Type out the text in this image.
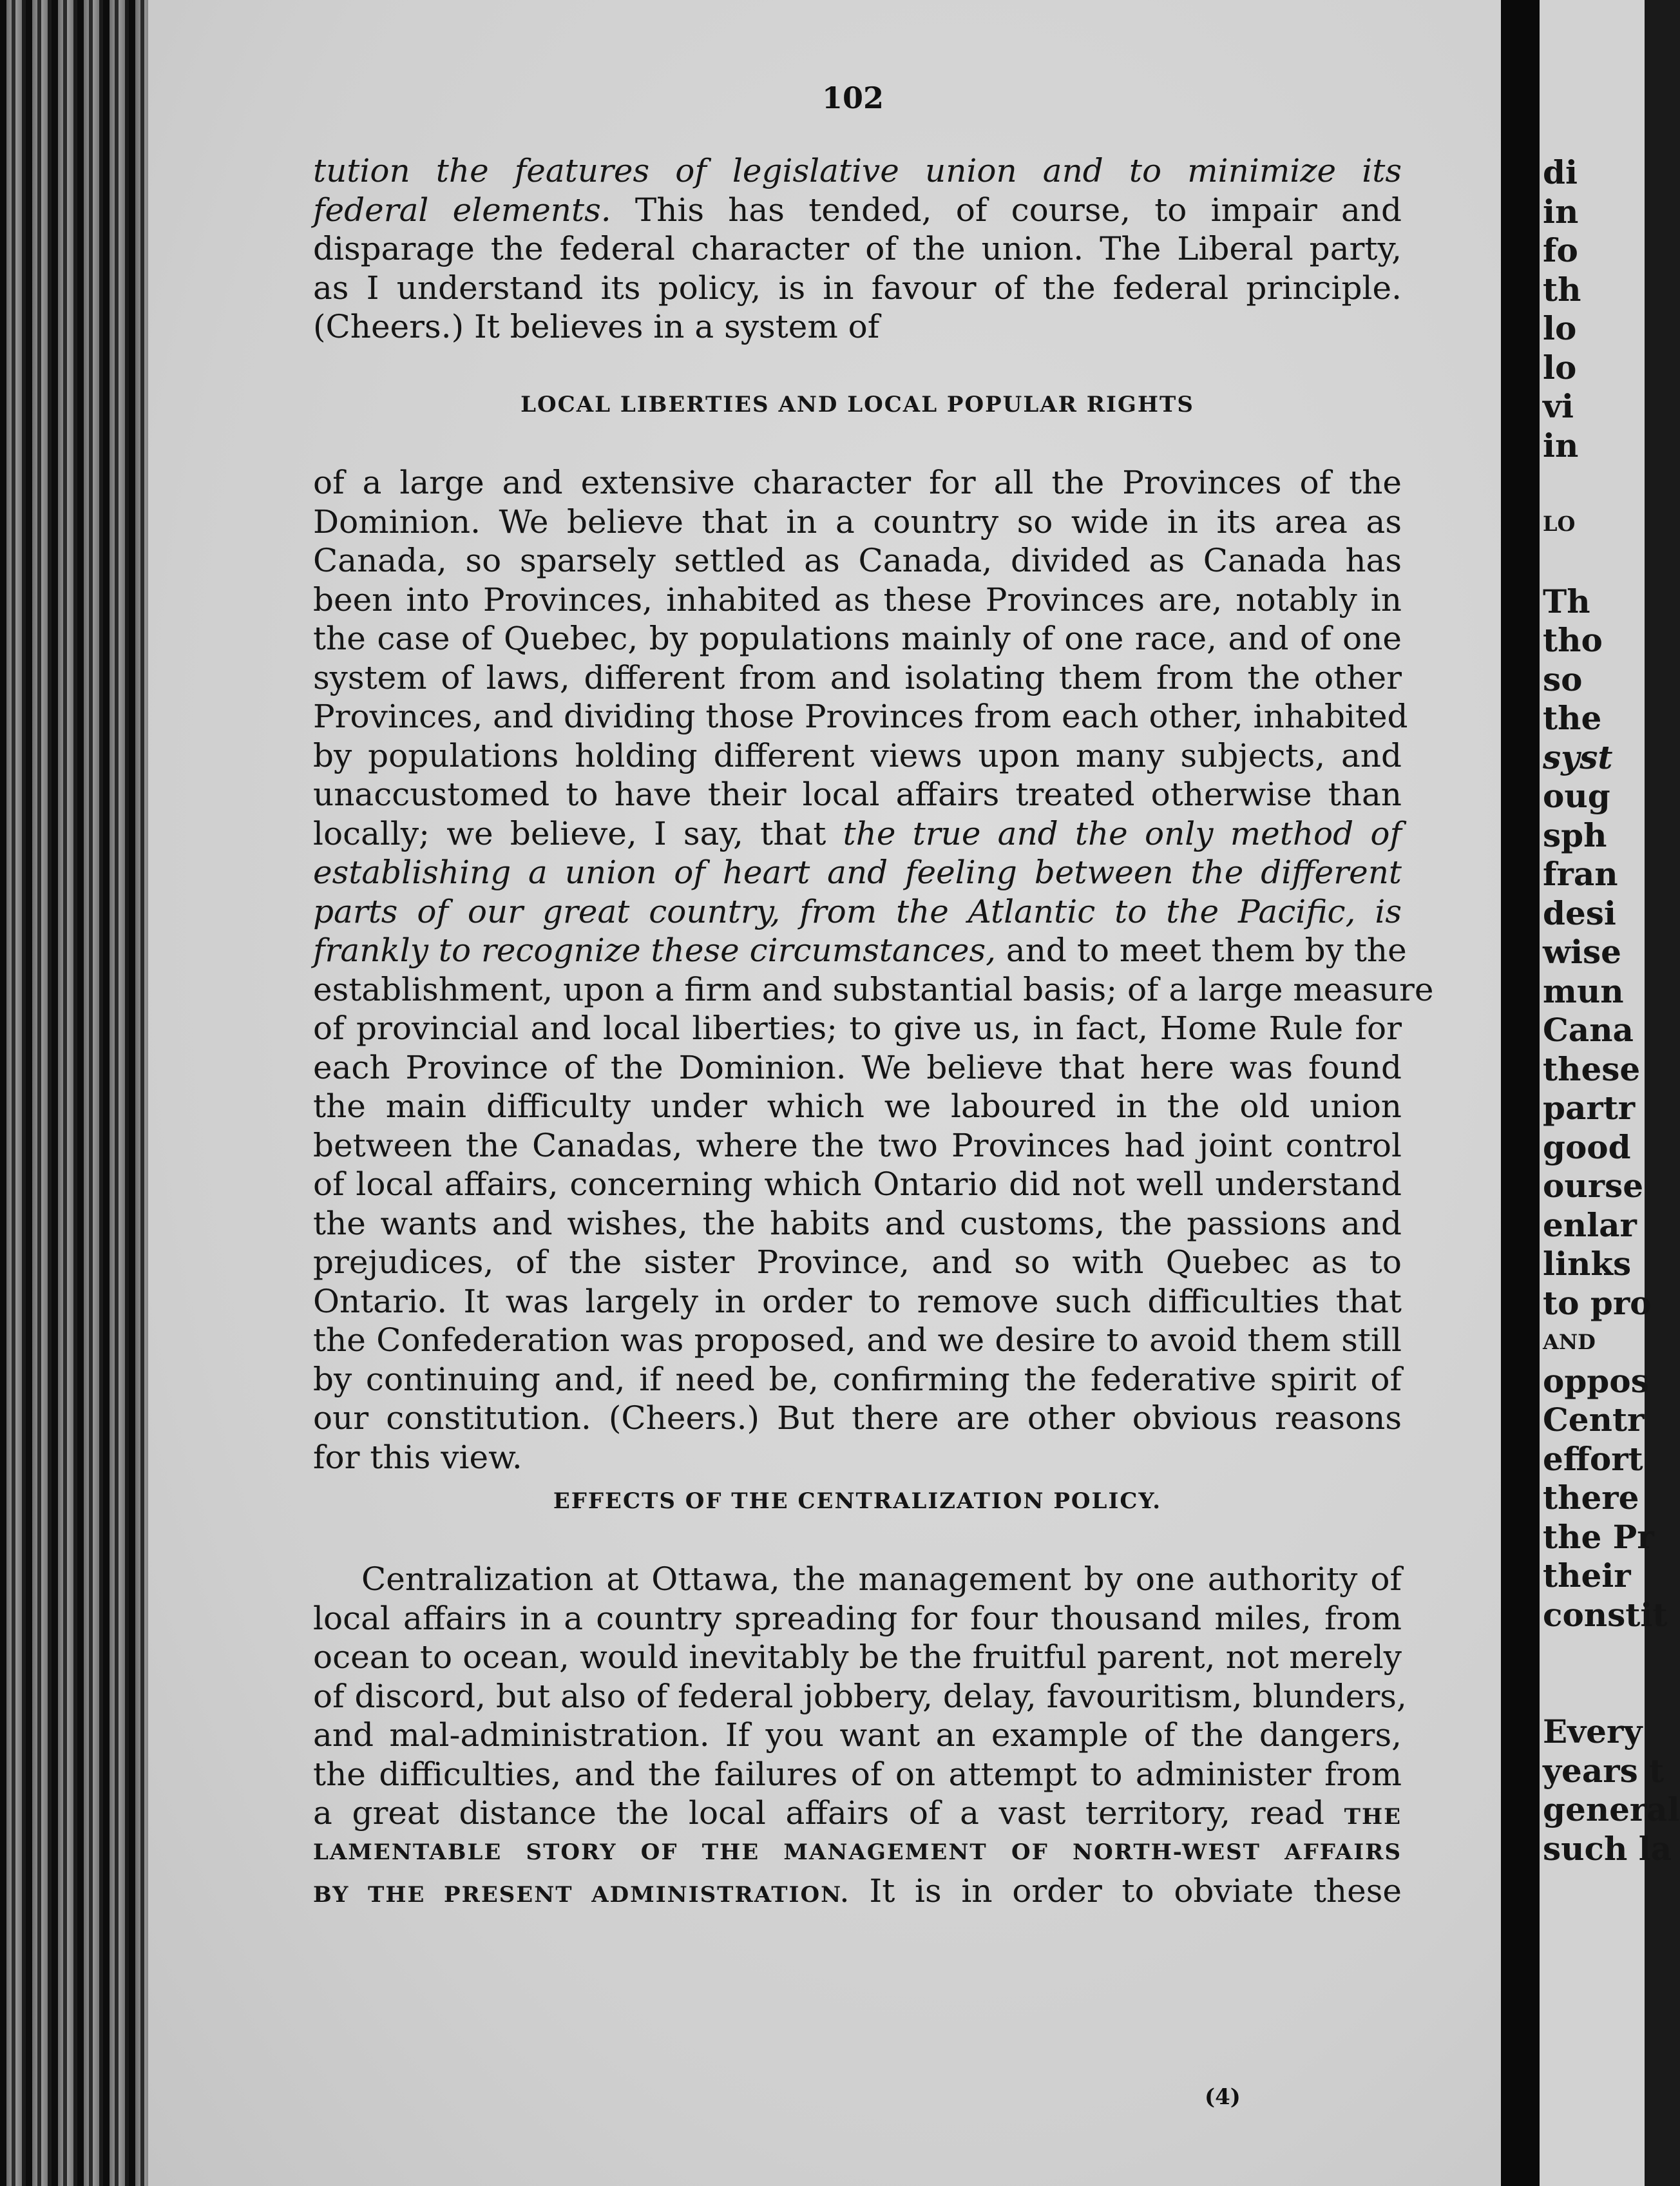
102
tution the features of legislative union and to minimize its
federal elements. This has tended, of course, to impair and
disparage the federal character of the union. The Liberal party,
as I understand its policy, is in favour of the federal principle.
(Cheers.) It believes in a system of
LOCAL LIBERTIES AND LOCAL POPULAR RIGHTS
of a large and extensive character for all the Provinces of the
Dominion. We believe that in a country so wide in its area as
Canada, so sparsely settled as Canada, divided as Canada has
been into Provinces, inhabited as these Provinces are, notably in
the case of Quebec, by populations mainly of one race, and of one
system of laws, different from and isolating them from the other
Provinces, and dividing those Provinces from each other, inhabited
by populations holding different views upon many subjects, and
unaccustomed to have their local affairs treated otherwise than
locally; we believe, I say, that the true and the only method of
establishing a union of heart and feeling between the different
parts of our great country, from the Atlantic to the Pacific, is
frankly to recognize these circumstances, and to meet them by the
establishment, upon a firm and substantial basis; of a large measure
of provincial and local liberties; to give us, in fact, Home Rule for
each Province of the Dominion. We believe that here was found
the main difficulty under which we laboured in the old union
between the Canadas, where the two Provinces had joint control
of local affairs, concerning which Ontario did not well understand
the wants and wishes, the habits and customs, the passions and
prejudices, of the sister Province, and so with Quebec as to
Ontario. It was largely in order to remove such difficulties that
the Confederation was proposed, and we desire to avoid them still
by continuing and, if need be, confirming the federative spirit of
our constitution. (Cheers.) But there are other obvious reasons
for this view.
EFFECTS OF THE CENTRALIZATION POLICY.
Centralization at Ottawa, the management by one authority of
local affairs in a country spreading for four thousand miles, from
ocean to ocean, would inevitably be the fruitful parent, not merely
of discord, but also of federal jobbery, delay, favouritism, blunders,
and mal-administration. If you want an example of the dangers,
the difficulties, and the failures of on attempt to administer from
a great distance the local affairs of a vast territory, read THE
LAMENTABLE STORY OF THE MANAGEMENT OF NORTH-WEST AFFAIRS
BY THE PRESENT ADMINISTRATION. It is in order to obviate these
(4)
di
in
fo
th
lo
lo
vi
in
LO
Th
tho
so
the
syst
oug
sph
fran
desi
wise
mun
Cana
these
partr
good
ourse
enlar
links
to pro
AND
oppos
Centr
effort
there
the Pr
their
constit
Every
years t
general
such la
